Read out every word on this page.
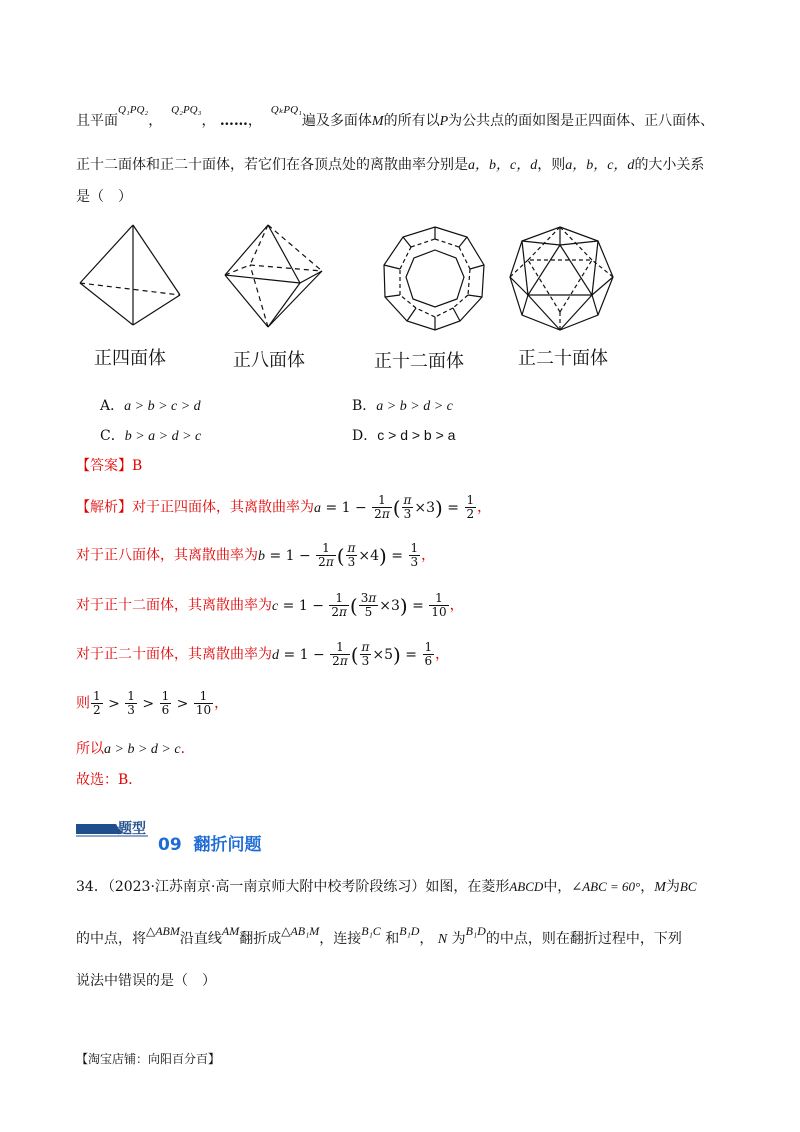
且平面$^{Q_1PQ_2}$，  $^{Q_2PQ_3}$， ……，  $^{Q_kPQ_1}$遍及多面体M的所有以P为公共点的面如图是正四面体、正八面体、
正十二面体和正二十面体，若它们在各顶点处的离散曲率分别是a，b，c，d，则a，b，c，d的大小关系
是（　）
正四面体	正八面体	正十二面体	正二十面体
A．a > b > c > d	B．a > b > d > c
C．b > a > d > c	D．c > d > b > a
【答案】B
【解析】对于正四面体，其离散曲率为$a = 1 - \frac{1}{2\pi}$ ( $\frac{\pi}{3} \times 3) = \frac{1}{2}$ ，
对于正八面体，其离散曲率为$b = 1 - \frac{1}{2\pi}$ ( $\frac{\pi}{3} \times 4) = \frac{1}{3}$ ，
对于正十二面体，其离散曲率为$c = 1 - \frac{1}{2\pi}$ ( $\frac{3\pi}{5} \times 3) = \frac{1}{10}$ ，
对于正二十面体，其离散曲率为$d = 1 - \frac{1}{2\pi}$ ( $\frac{\pi}{3} \times 5) = \frac{1}{6}$ ，
则 $\frac{1}{2} > \frac{1}{3} > \frac{1}{6} > \frac{1}{10}$ ，
所以a > b > d > c．
故选：B．
题型
09 翻折问题
34．（2023·江苏南京·高一南京师大附中校考阶段练习）如图，在菱形ABCD中，∠ABC = 60°，M为BC
的中点，将△ABM沿直线AM翻折成△AB₁M，连接B₁C 和B₁D， N 为B₁D的中点，则在翻折过程中，下列
说法中错误的是（　）
【淘宝店铺：向阳百分百】
